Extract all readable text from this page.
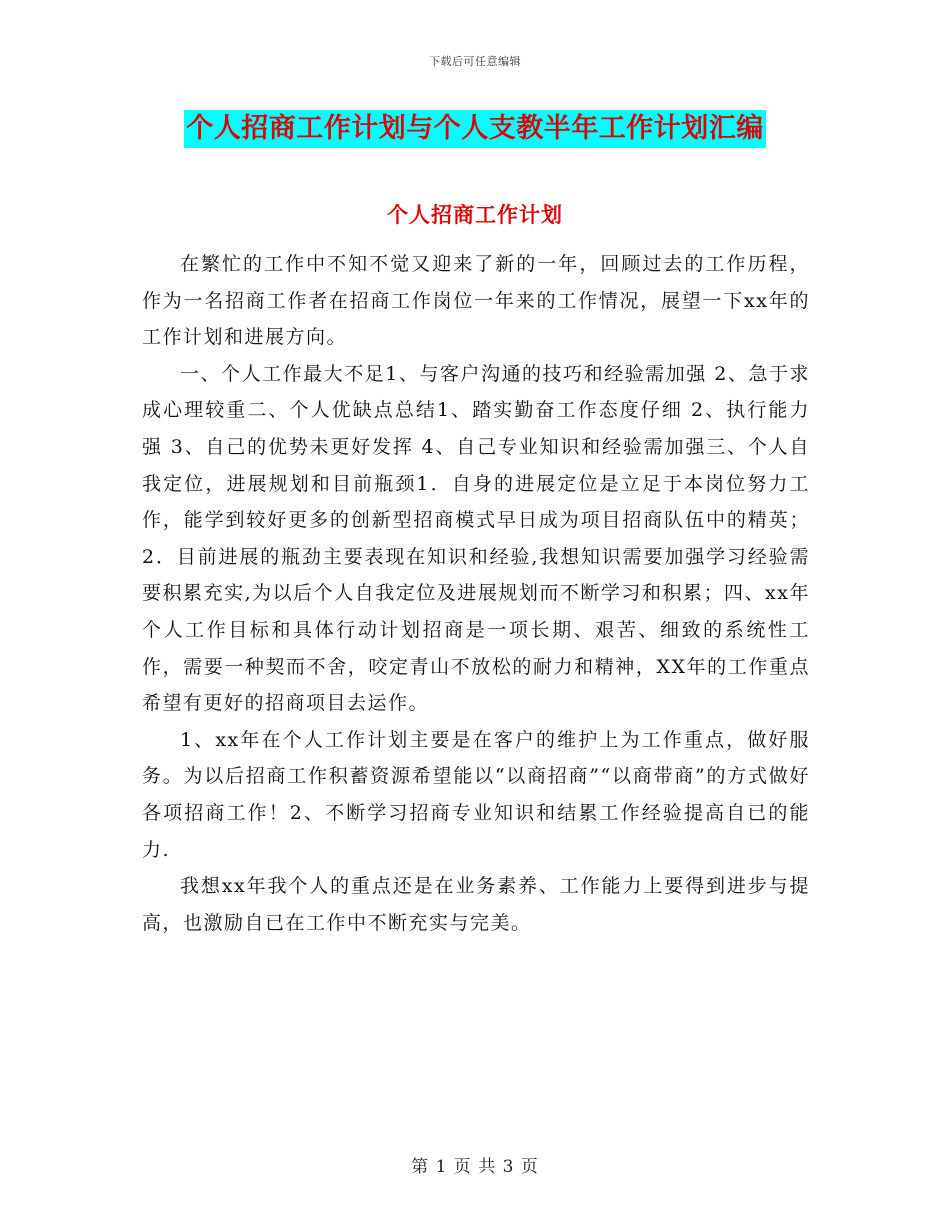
下载后可任意编辑
个人招商工作计划与个人支教半年工作计划汇编
个人招商工作计划

在繁忙的工作中不知不觉又迎来了新的一年，回顾过去的工作历程，作为一名招商工作者在招商工作岗位一年来的工作情况，展望一下xx年的工作计划和进展方向。

一、个人工作最大不足1、与客户沟通的技巧和经验需加强 2、急于求成心理较重二、个人优缺点总结1、踏实勤奋工作态度仔细 2、执行能力强 3、自己的优势未更好发挥 4、自己专业知识和经验需加强三、个人自我定位，进展规划和目前瓶颈1．自身的进展定位是立足于本岗位努力工作，能学到较好更多的创新型招商模式早日成为项目招商队伍中的精英；2．目前进展的瓶劲主要表现在知识和经验,我想知识需要加强学习经验需要积累充实,为以后个人自我定位及进展规划而不断学习和积累；四、xx年个人工作目标和具体行动计划招商是一项长期、艰苦、细致的系统性工作，需要一种契而不舍，咬定青山不放松的耐力和精神，XX年的工作重点希望有更好的招商项目去运作。

1、xx年在个人工作计划主要是在客户的维护上为工作重点，做好服务。为以后招商工作积蓄资源希望能以“以商招商”“以商带商”的方式做好各项招商工作！2、不断学习招商专业知识和结累工作经验提高自已的能力.

我想xx年我个人的重点还是在业务素养、工作能力上要得到进步与提高，也激励自已在工作中不断充实与完美。

第 1 页 共 3 页
